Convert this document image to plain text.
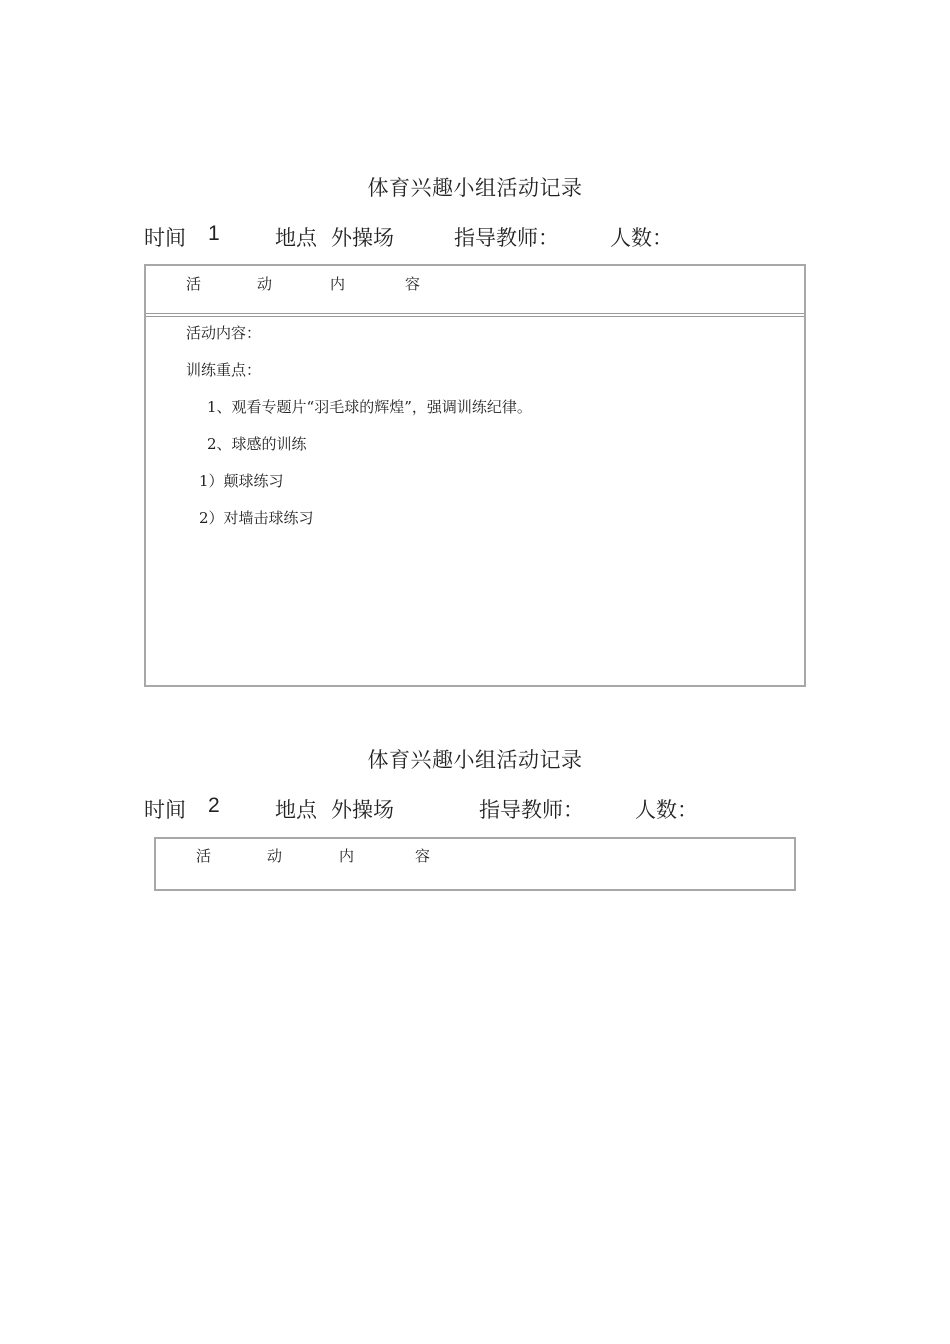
体育兴趣小组活动记录
时间 1	地点 外操场	指导教师： 人数：
活	动	内	容
活动内容：
训练重点：
1、观看专题片“羽毛球的辉煌”，强调训练纪律。
2、球感的训练
1）颠球练习
2）对墙击球练习
体育兴趣小组活动记录
时间 2	地点 外操场	指导教师： 人数：
活	动	内	容
